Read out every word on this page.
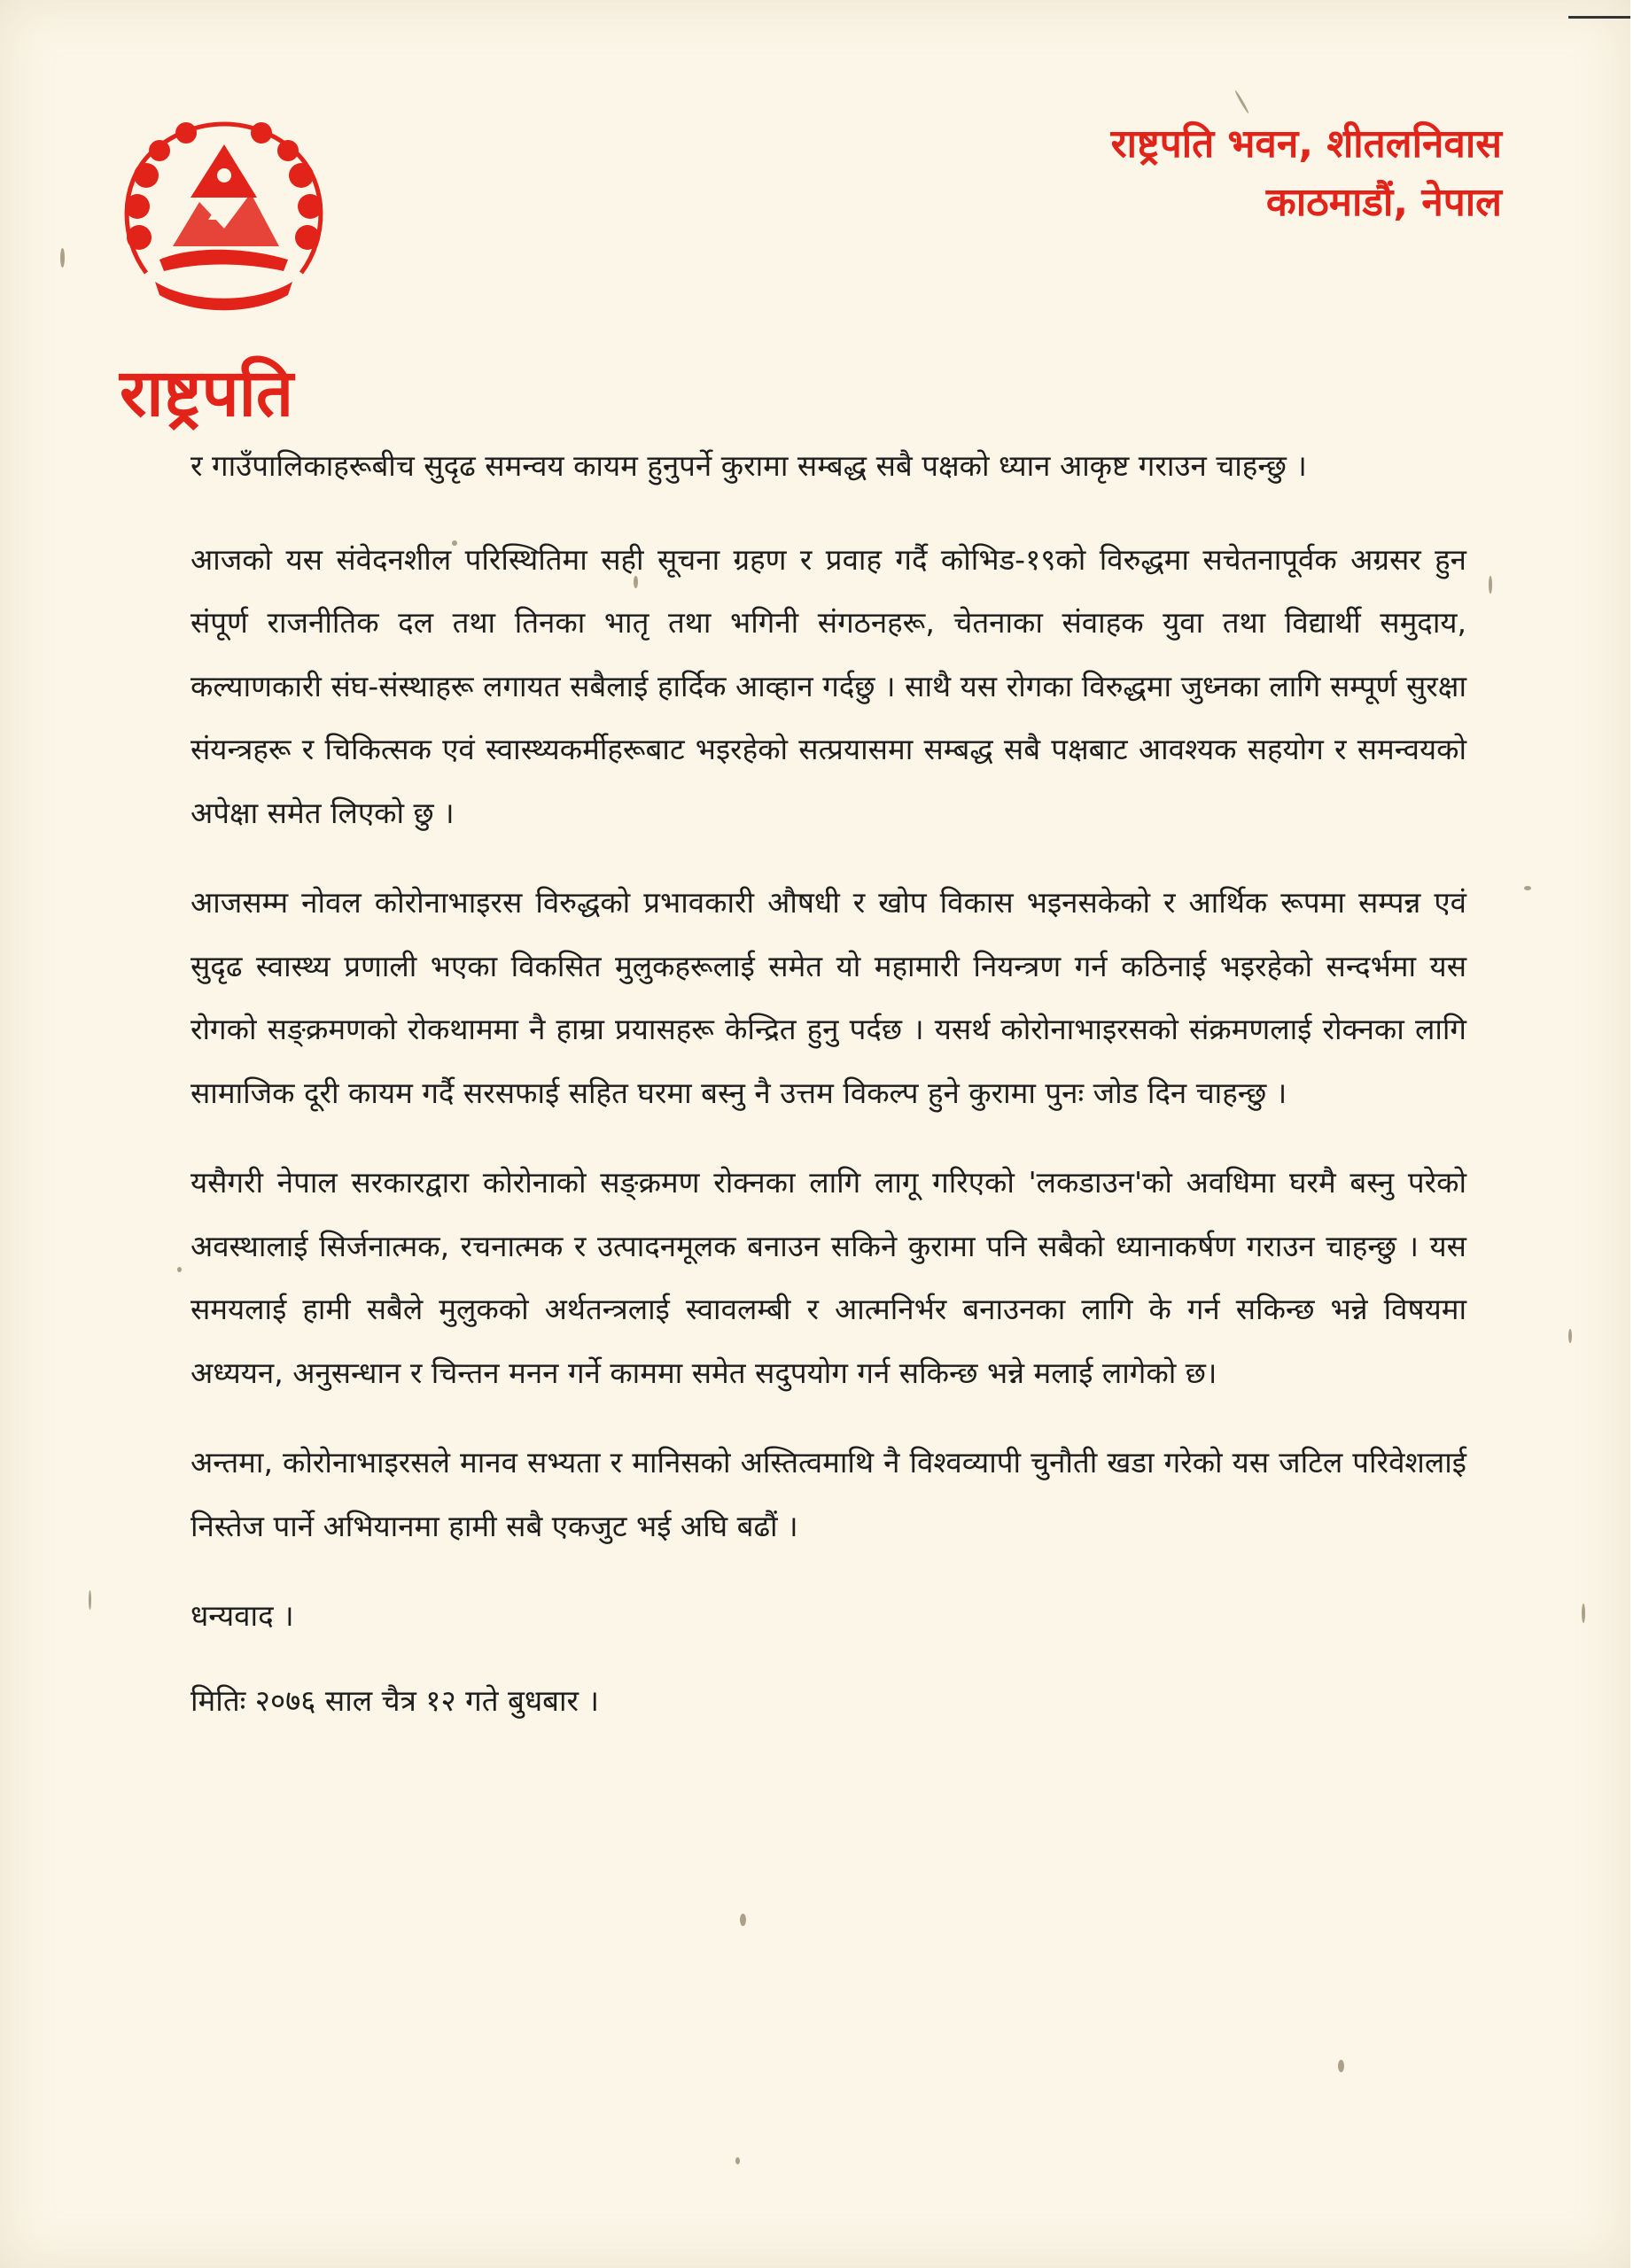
राष्ट्रपति
राष्ट्रपति भवन, शीतलनिवास
काठमाडौं, नेपाल

र गाउँपालिकाहरूबीच सुदृढ समन्वय कायम हुनुपर्ने कुरामा सम्बद्ध सबै पक्षको ध्यान आकृष्ट गराउन चाहन्छु ।

आजको यस संवेदनशील परिस्थितिमा सही सूचना ग्रहण र प्रवाह गर्दै कोभिड-१९को विरुद्धमा सचेतनापूर्वक अग्रसर हुन संपूर्ण राजनीतिक दल तथा तिनका भातृ तथा भगिनी संगठनहरू, चेतनाका संवाहक युवा तथा विद्यार्थी समुदाय, कल्याणकारी संघ-संस्थाहरू लगायत सबैलाई हार्दिक आव्हान गर्दछु । साथै यस रोगका विरुद्धमा जुध्नका लागि सम्पूर्ण सुरक्षा संयन्त्रहरू र चिकित्सक एवं स्वास्थ्यकर्मीहरूबाट भइरहेको सत्प्रयासमा सम्बद्ध सबै पक्षबाट आवश्यक सहयोग र समन्वयको अपेक्षा समेत लिएको छु ।

आजसम्म नोवल कोरोनाभाइरस विरुद्धको प्रभावकारी औषधी र खोप विकास भइनसकेको र आर्थिक रूपमा सम्पन्न एवं सुदृढ स्वास्थ्य प्रणाली भएका विकसित मुलुकहरूलाई समेत यो महामारी नियन्त्रण गर्न कठिनाई भइरहेको सन्दर्भमा यस रोगको सङ्क्रमणको रोकथाममा नै हाम्रा प्रयासहरू केन्द्रित हुनु पर्दछ । यसर्थ कोरोनाभाइरसको संक्रमणलाई रोक्नका लागि सामाजिक दूरी कायम गर्दै सरसफाई सहित घरमा बस्नु नै उत्तम विकल्प हुने कुरामा पुनः जोड दिन चाहन्छु ।

यसैगरी नेपाल सरकारद्वारा कोरोनाको सङ्क्रमण रोक्नका लागि लागू गरिएको 'लकडाउन'को अवधिमा घरमै बस्नु परेको अवस्थालाई सिर्जनात्मक, रचनात्मक र उत्पादनमूलक बनाउन सकिने कुरामा पनि सबैको ध्यानाकर्षण गराउन चाहन्छु । यस समयलाई हामी सबैले मुलुकको अर्थतन्त्रलाई स्वावलम्बी र आत्मनिर्भर बनाउनका लागि के गर्न सकिन्छ भन्ने विषयमा अध्ययन, अनुसन्धान र चिन्तन मनन गर्ने काममा समेत सदुपयोग गर्न सकिन्छ भन्ने मलाई लागेको छ।

अन्तमा, कोरोनाभाइरसले मानव सभ्यता र मानिसको अस्तित्वमाथि नै विश्वव्यापी चुनौती खडा गरेको यस जटिल परिवेशलाई निस्तेज पार्ने अभियानमा हामी सबै एकजुट भई अघि बढौं ।

धन्यवाद ।

मितिः २०७६ साल चैत्र १२ गते बुधबार ।
